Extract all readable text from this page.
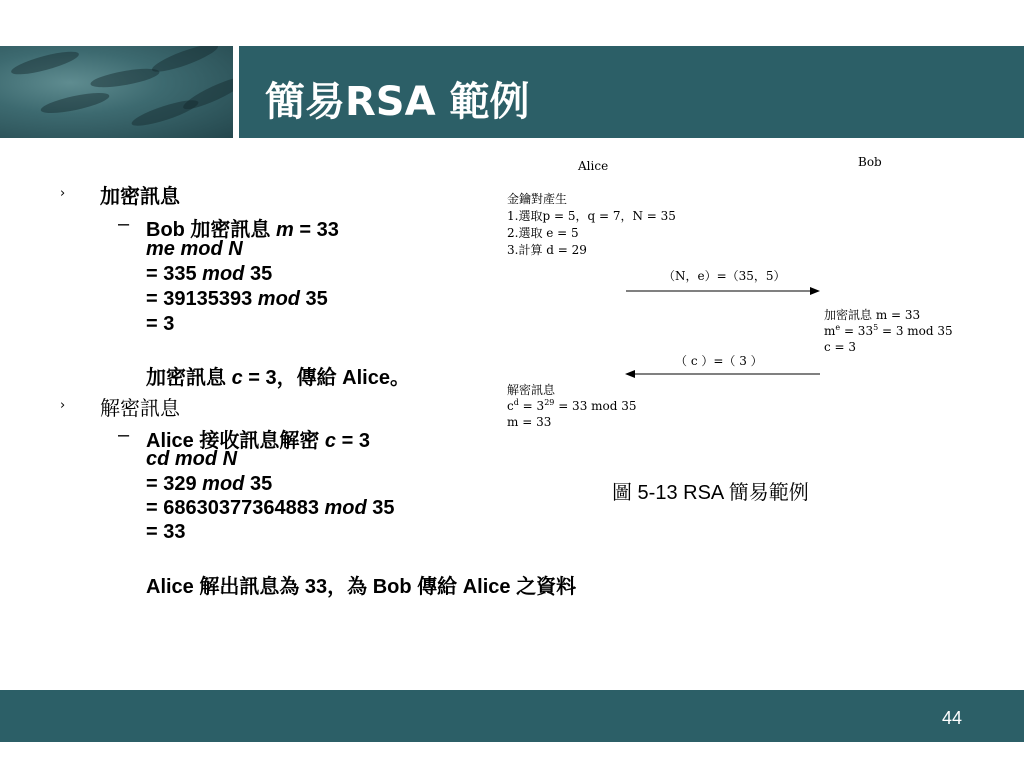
簡易RSA 範例
› 加密訊息
– Bob 加密訊息 m = 33
me mod N
= 335 mod 35
= 39135393 mod 35
= 3
加密訊息 c = 3，傳給 Alice。
› 解密訊息
– Alice 接收訊息解密 c = 3
cd mod N
= 329 mod 35
= 68630377364883 mod 35
= 33
Alice 解出訊息為 33，為 Bob 傳給 Alice 之資料
Alice	Bob
金鑰對產生
1.選取p = 5，q = 7，N = 35
2.選取 e = 5
3.計算 d = 29
（N，e）=（35，5）
加密訊息 m = 33
$m^e = 33^5 = 3$ mod 35
c = 3
（ c ）=（ 3 ）
解密訊息
$c^d = 3^{29} = 33$ mod 35
m = 33
圖 5-13 RSA 簡易範例
44
